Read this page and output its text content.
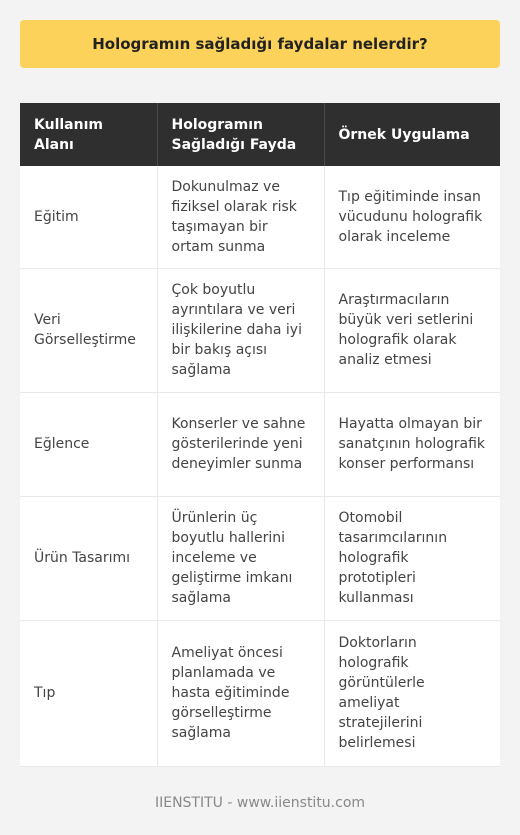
Hologramın sağladığı faydalar nelerdir?
Kullanım Alanı	Hologramın Sağladığı Fayda	Örnek Uygulama
Eğitim	Dokunulmaz ve fiziksel olarak risk taşımayan bir ortam sunma	Tıp eğitiminde insan vücudunu holografik olarak inceleme
Veri Görselleştirme	Çok boyutlu ayrıntılara ve veri ilişkilerine daha iyi bir bakış açısı sağlama	Araştırmacıların büyük veri setlerini holografik olarak analiz etmesi
Eğlence	Konserler ve sahne gösterilerinde yeni deneyimler sunma	Hayatta olmayan bir sanatçının holografik konser performansı
Ürün Tasarımı	Ürünlerin üç boyutlu hallerini inceleme ve geliştirme imkanı sağlama	Otomobil tasarımcılarının holografik prototipleri kullanması
Tıp	Ameliyat öncesi planlamada ve hasta eğitiminde görselleştirme sağlama	Doktorların holografik görüntülerle ameliyat stratejilerini belirlemesi
IIENSTITU - www.iienstitu.com
